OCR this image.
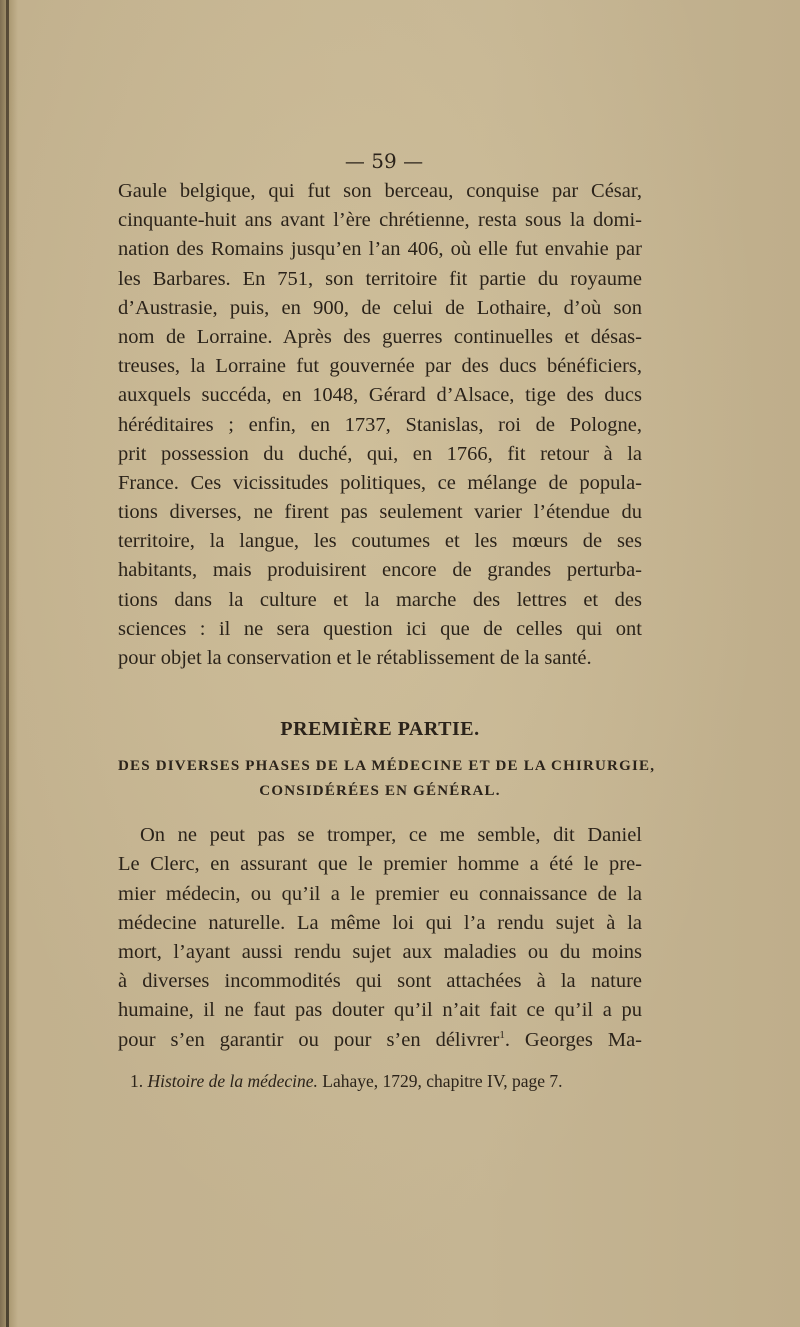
— 59 —
Gaule belgique, qui fut son berceau, conquise par César,
cinquante-huit ans avant l’ère chrétienne, resta sous la domi-
nation des Romains jusqu’en l’an 406, où elle fut envahie par
les Barbares. En 751, son territoire fit partie du royaume
d’Austrasie, puis, en 900, de celui de Lothaire, d’où son
nom de Lorraine. Après des guerres continuelles et désas-
treuses, la Lorraine fut gouvernée par des ducs bénéficiers,
auxquels succéda, en 1048, Gérard d’Alsace, tige des ducs
héréditaires ; enfin, en 1737, Stanislas, roi de Pologne,
prit possession du duché, qui, en 1766, fit retour à la
France. Ces vicissitudes politiques, ce mélange de popula-
tions diverses, ne firent pas seulement varier l’étendue du
territoire, la langue, les coutumes et les mœurs de ses
habitants, mais produisirent encore de grandes perturba-
tions dans la culture et la marche des lettres et des
sciences : il ne sera question ici que de celles qui ont
pour objet la conservation et le rétablissement de la santé.
PREMIÈRE PARTIE.
DES DIVERSES PHASES DE LA MÉDECINE ET DE LA CHIRURGIE,
CONSIDÉRÉES EN GÉNÉRAL.
On ne peut pas se tromper, ce me semble, dit Daniel
Le Clerc, en assurant que le premier homme a été le pre-
mier médecin, ou qu’il a le premier eu connaissance de la
médecine naturelle. La même loi qui l’a rendu sujet à la
mort, l’ayant aussi rendu sujet aux maladies ou du moins
à diverses incommodités qui sont attachées à la nature
humaine, il ne faut pas douter qu’il n’ait fait ce qu’il a pu
pour s’en garantir ou pour s’en délivrer$^1$. Georges Ma-
1. Histoire de la médecine. Lahaye, 1729, chapitre IV, page 7.
